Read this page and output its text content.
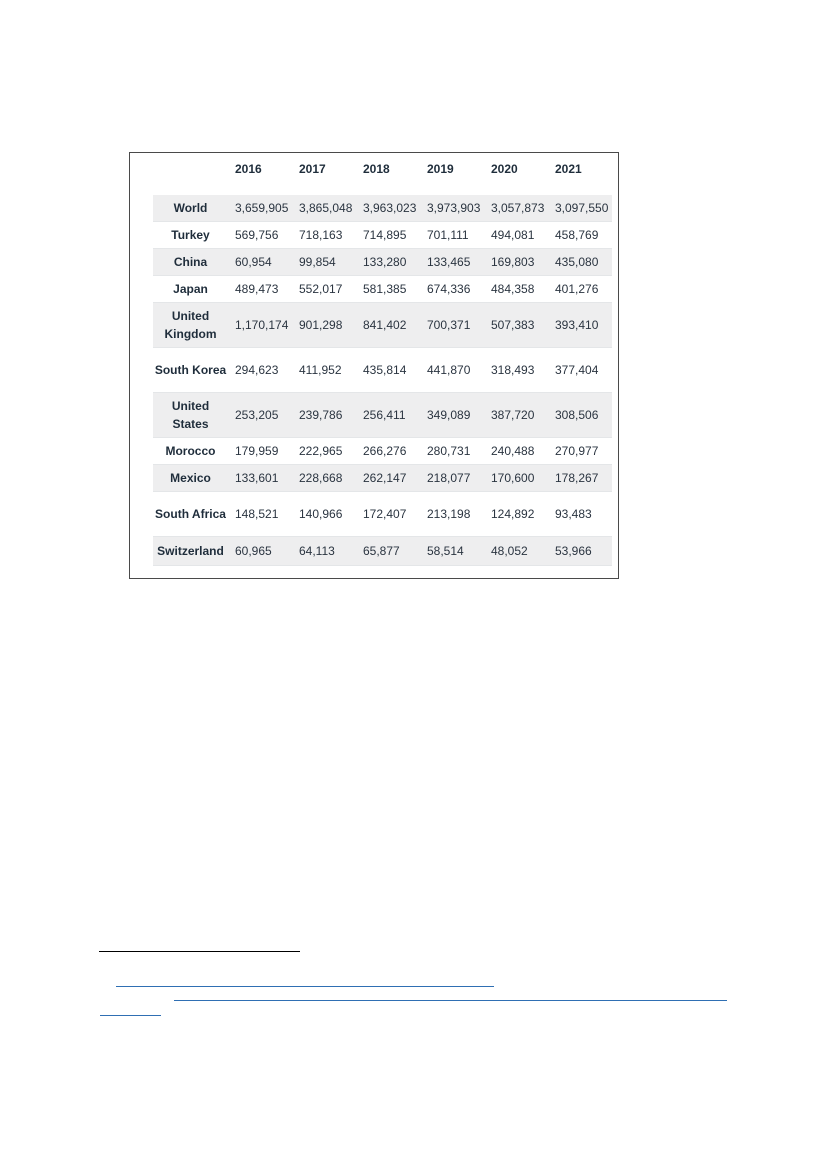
	2016	2017	2018	2019	2020	2021

World	3,659,905	3,865,048	3,963,023	3,973,903	3,057,873	3,097,550
Turkey	569,756	718,163	714,895	701,111	494,081	458,769
China	60,954	99,854	133,280	133,465	169,803	435,080
Japan	489,473	552,017	581,385	674,336	484,358	401,276
United Kingdom	1,170,174	901,298	841,402	700,371	507,383	393,410
South Korea	294,623	411,952	435,814	441,870	318,493	377,404
United States	253,205	239,786	256,411	349,089	387,720	308,506
Morocco	179,959	222,965	266,276	280,731	240,488	270,977
Mexico	133,601	228,668	262,147	218,077	170,600	178,267
South Africa	148,521	140,966	172,407	213,198	124,892	93,483
Switzerland	60,965	64,113	65,877	58,514	48,052	53,966
